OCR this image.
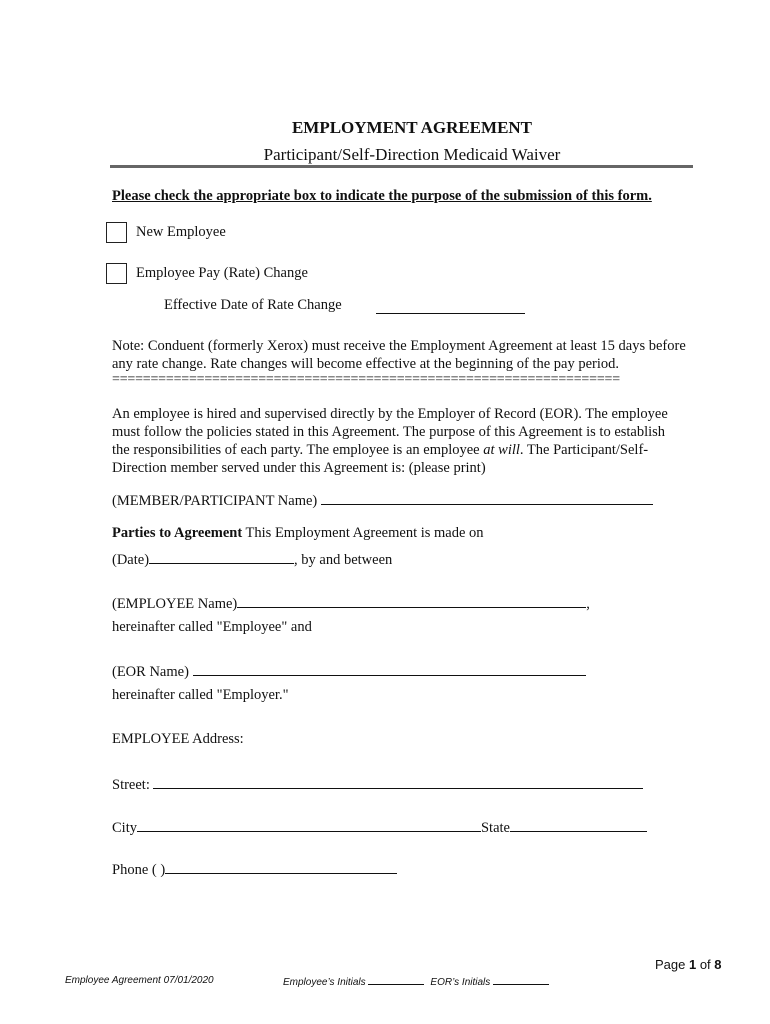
EMPLOYMENT AGREEMENT
Participant/Self-Direction Medicaid Waiver
Please check the appropriate box to indicate the purpose of the submission of this form.
New Employee
Employee Pay (Rate) Change
Effective Date of Rate Change
Note: Conduent (formerly Xerox) must receive the Employment Agreement at least 15 days before
any rate change. Rate changes will become effective at the beginning of the pay period.
==================================================================
An employee is hired and supervised directly by the Employer of Record (EOR). The employee
must follow the policies stated in this Agreement. The purpose of this Agreement is to establish
the responsibilities of each party. The employee is an employee at will. The Participant/Self-
Direction member served under this Agreement is: (please print)
(MEMBER/PARTICIPANT Name)
Parties to Agreement This Employment Agreement is made on
(Date)	, by and between
(EMPLOYEE Name)	,
hereinafter called "Employee" and
(EOR Name)
hereinafter called "Employer."
EMPLOYEE Address:
Street:
City	State
Phone ( )
Page 1 of 8
Employee Agreement 07/01/2020	Employee’s Initials	EOR’s Initials
